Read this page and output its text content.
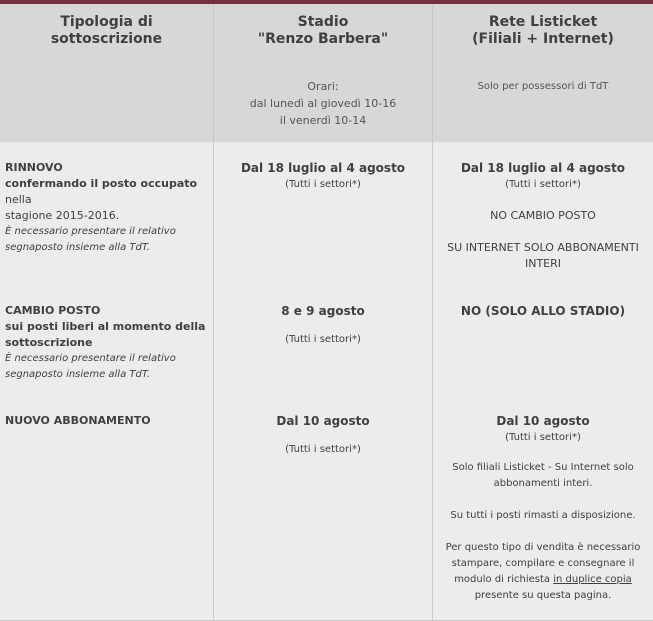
Tipologia di
sottoscrizione
RINNOVO
confermando il posto occupato nella
stagione 2015-2016.
È necessario presentare il relativo
segnaposto insieme alla TdT.
CAMBIO POSTO
sui posti liberi al momento della
sottoscrizione
È necessario presentare il relativo
segnaposto insieme alla TdT.
NUOVO ABBONAMENTO
Stadio
"Renzo Barbera"
Orari:
dal lunedì al giovedì 10-16
il venerdì 10-14
Dal 18 luglio al 4 agosto
(Tutti i settori*)
8 e 9 agosto
(Tutti i settori*)
Dal 10 agosto
(Tutti i settori*)
Rete Listicket
(Filiali + Internet)
Solo per possessori di TdT
Dal 18 luglio al 4 agosto
(Tutti i settori*)
NO CAMBIO POSTO
SU INTERNET SOLO ABBONAMENTI
INTERI
NO (SOLO ALLO STADIO)
Dal 10 agosto
(Tutti i settori*)
Solo filiali Listicket - Su Internet solo
abbonamenti interi.
Su tutti i posti rimasti a disposizione.
Per questo tipo di vendita è necessario
stampare, compilare e consegnare il
modulo di richiesta in duplice copia
presente su questa pagina.
